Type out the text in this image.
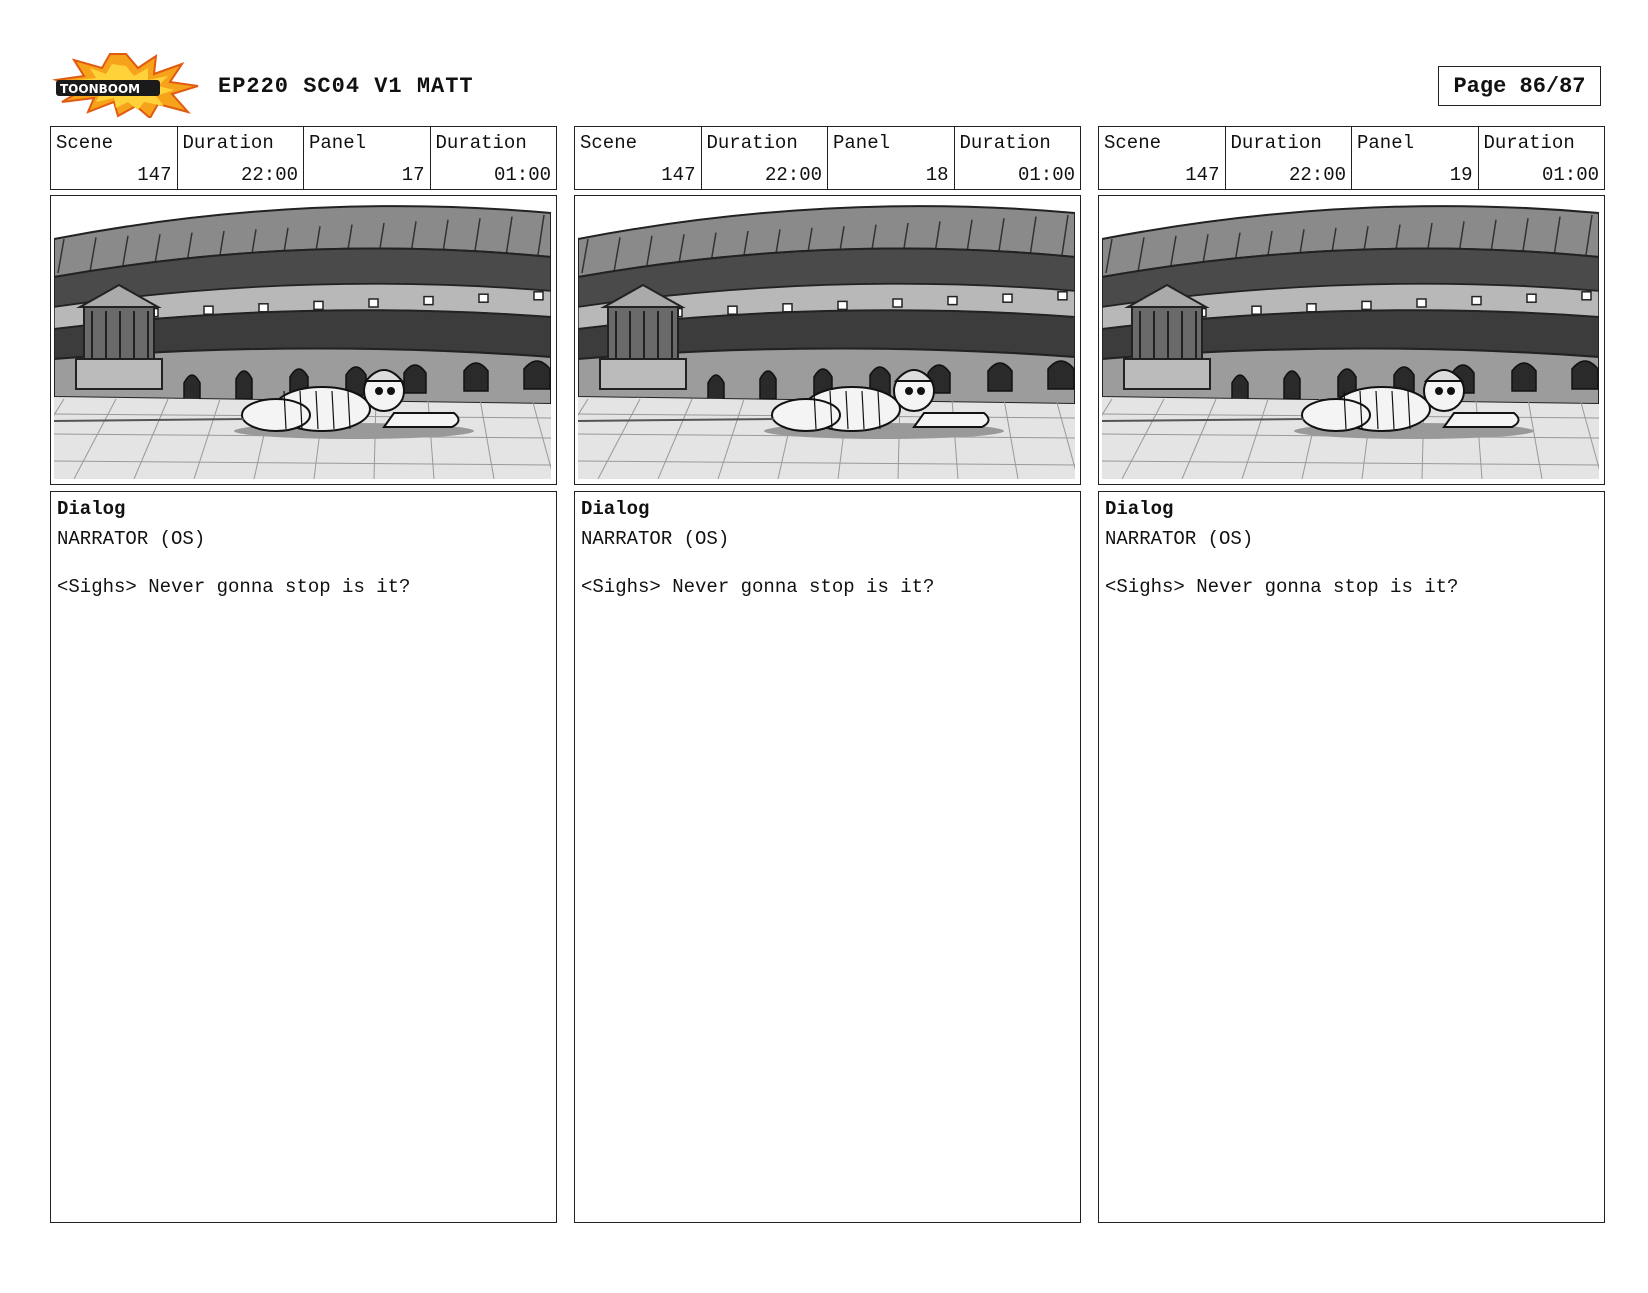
TOONBOOM	EP220 SC04 V1 MATT	Page 86/87
Scene
147
Duration
22:00
Panel
17
Duration
01:00
Dialog
NARRATOR (OS)
<Sighs> Never gonna stop is it?
Scene
147
Duration
22:00
Panel
18
Duration
01:00
Dialog
NARRATOR (OS)
<Sighs> Never gonna stop is it?
Scene
147
Duration
22:00
Panel
19
Duration
01:00
Dialog
NARRATOR (OS)
<Sighs> Never gonna stop is it?
